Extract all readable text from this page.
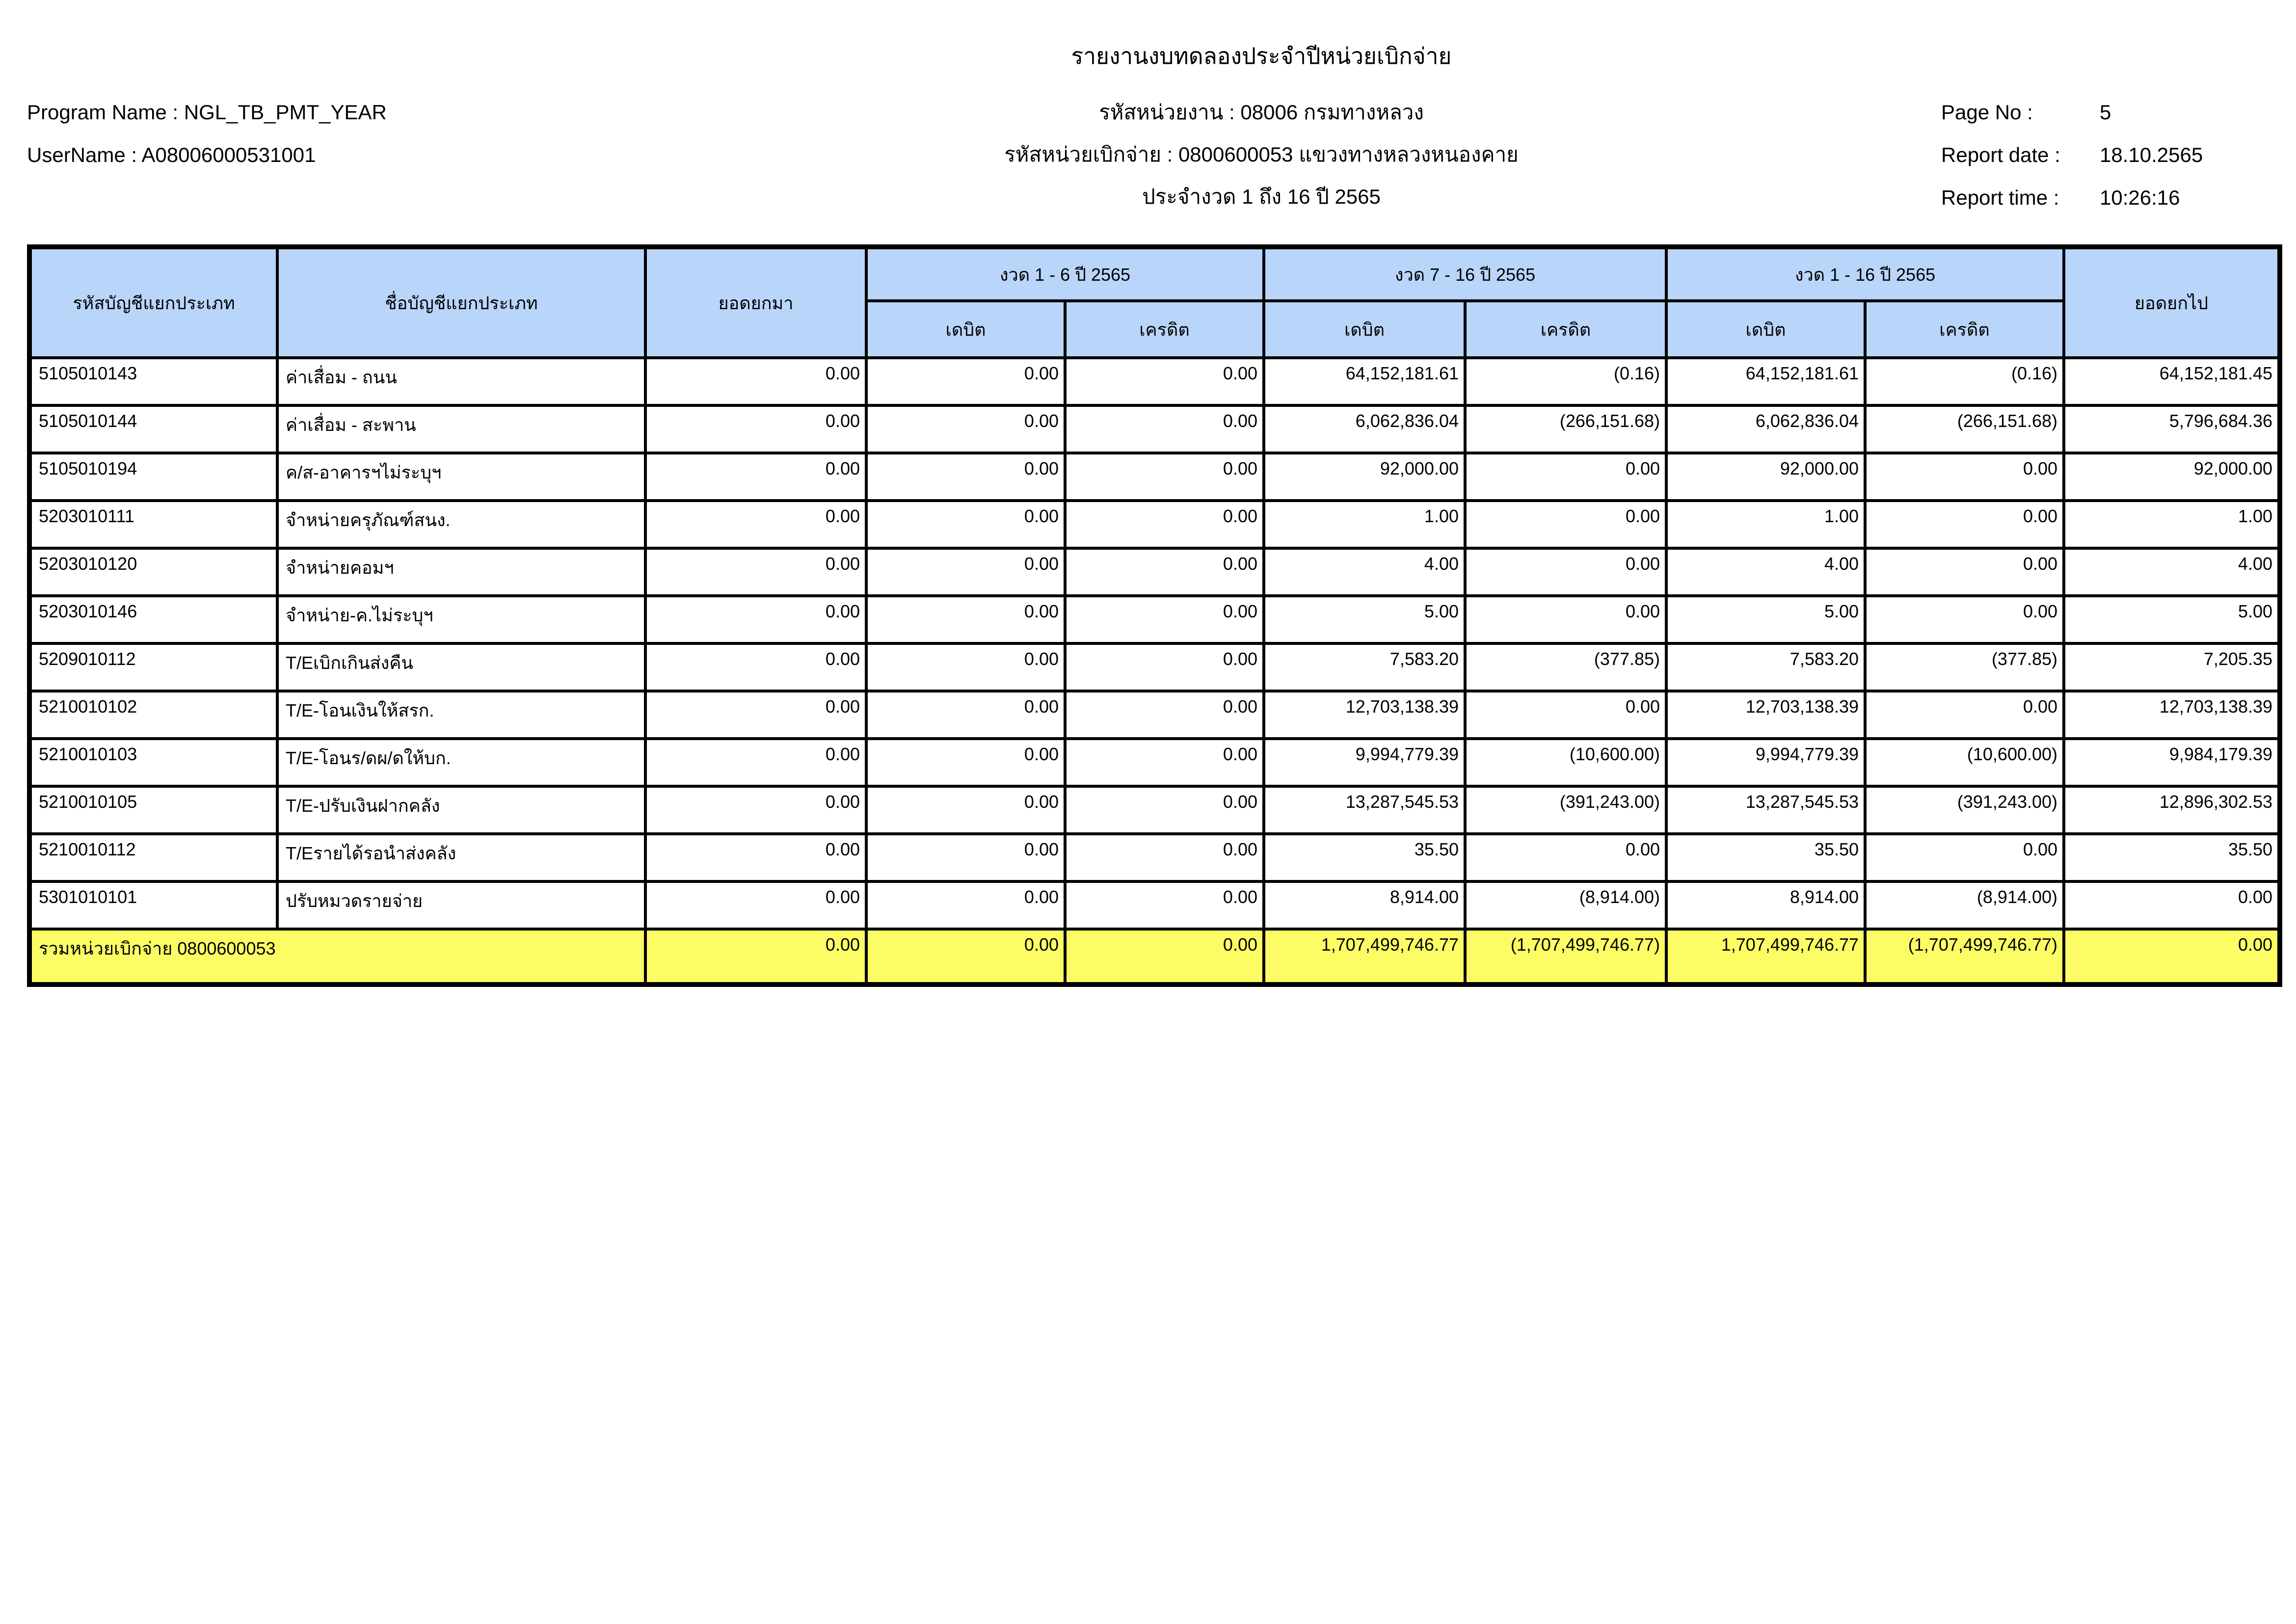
รายงานงบทดลองประจำปีหน่วยเบิกจ่าย
รหัสหน่วยงาน : 08006 กรมทางหลวง
รหัสหน่วยเบิกจ่าย : 0800600053 แขวงทางหลวงหนองคาย
ประจำงวด 1 ถึง 16 ปี 2565
Program Name : NGL_TB_PMT_YEAR
UserName : A08006000531001
Page No :	5
Report date : 18.10.2565
Report time : 10:26:16
รหัสบัญชีแยกประเภท	ชื่อบัญชีแยกประเภท	ยอดยกมา	งวด 1 - 6 ปี 2565		งวด 7 - 16 ปี 2565		งวด 1 - 16 ปี 2565		ยอดยกไป
			เดบิต	เครดิต	เดบิต	เครดิต	เดบิต	เครดิต	
5105010143	ค่าเสื่อม - ถนน	0.00	0.00	0.00	64,152,181.61	(0.16)	64,152,181.61	(0.16)	64,152,181.45
5105010144	ค่าเสื่อม - สะพาน	0.00	0.00	0.00	6,062,836.04	(266,151.68)	6,062,836.04	(266,151.68)	5,796,684.36
5105010194	ค/ส-อาคารฯไม่ระบุฯ	0.00	0.00	0.00	92,000.00	0.00	92,000.00	0.00	92,000.00
5203010111	จำหน่ายครุภัณฑ์สนง.	0.00	0.00	0.00	1.00	0.00	1.00	0.00	1.00
5203010120	จำหน่ายคอมฯ	0.00	0.00	0.00	4.00	0.00	4.00	0.00	4.00
5203010146	จำหน่าย-ค.ไม่ระบุฯ	0.00	0.00	0.00	5.00	0.00	5.00	0.00	5.00
5209010112	T/Eเบิกเกินส่งคืน	0.00	0.00	0.00	7,583.20	(377.85)	7,583.20	(377.85)	7,205.35
5210010102	T/E-โอนเงินให้สรก.	0.00	0.00	0.00	12,703,138.39	0.00	12,703,138.39	0.00	12,703,138.39
5210010103	T/E-โอนร/ดผ/ดให้บก.	0.00	0.00	0.00	9,994,779.39	(10,600.00)	9,994,779.39	(10,600.00)	9,984,179.39
5210010105	T/E-ปรับเงินฝากคลัง	0.00	0.00	0.00	13,287,545.53	(391,243.00)	13,287,545.53	(391,243.00)	12,896,302.53
5210010112	T/Eรายได้รอนำส่งคลัง	0.00	0.00	0.00	35.50	0.00	35.50	0.00	35.50
5301010101	ปรับหมวดรายจ่าย	0.00	0.00	0.00	8,914.00	(8,914.00)	8,914.00	(8,914.00)	0.00
รวมหน่วยเบิกจ่าย 0800600053		0.00	0.00	0.00	1,707,499,746.77	(1,707,499,746.77)	1,707,499,746.77	(1,707,499,746.77)	0.00
